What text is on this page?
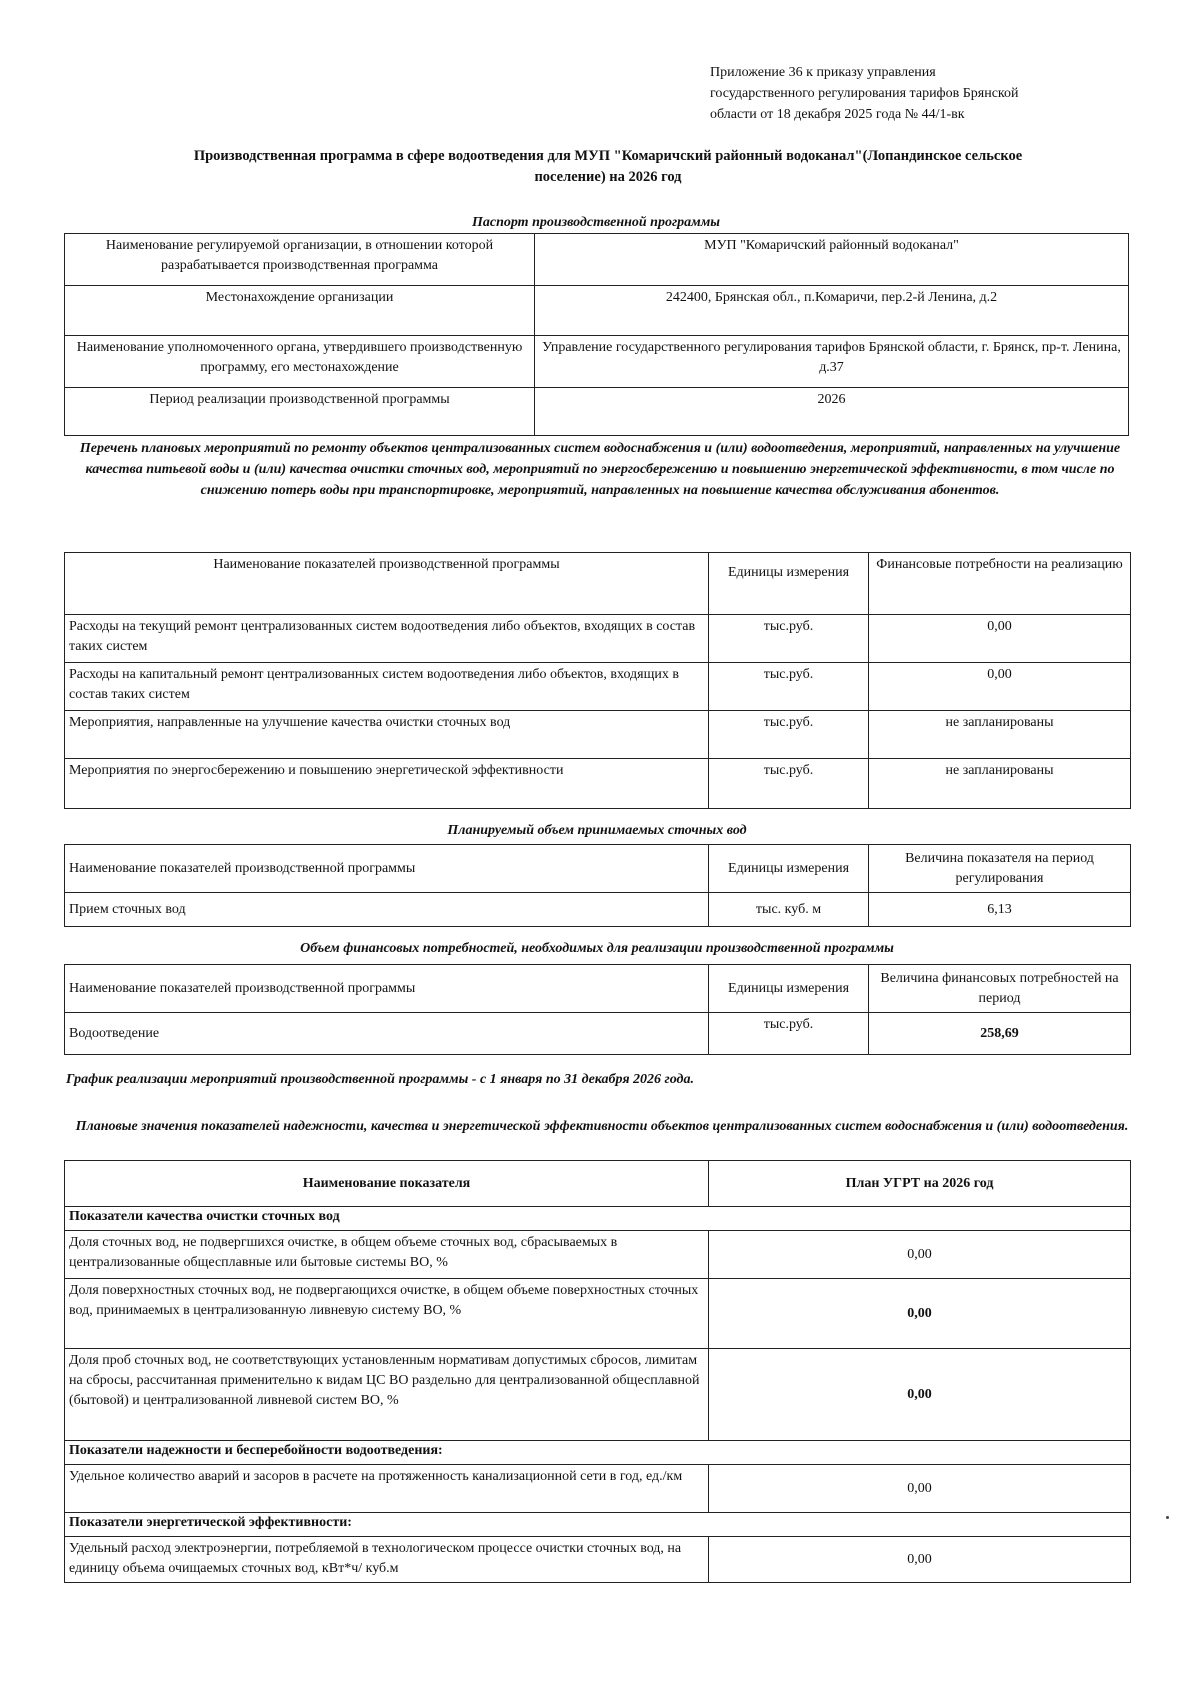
Приложение 36 к приказу управления
государственного регулирования тарифов Брянской
области от 18 декабря 2025 года № 44/1-вк
Производственная программа в сфере водоотведения для МУП "Комаричский районный водоканал"(Лопандинское сельское
поселение) на 2026 год
Паспорт производственной программы
Наименование регулируемой организации, в отношении которой разрабатывается производственная программа	МУП "Комаричский районный водоканал"
Местонахождение организации	242400, Брянская обл., п.Комаричи, пер.2-й Ленина, д.2
Наименование уполномоченного органа, утвердившего производственную программу, его местонахождение	Управление государственного регулирования тарифов Брянской области, г. Брянск, пр-т. Ленина, д.37
Период реализации производственной программы	2026
Перечень плановых мероприятий по ремонту объектов централизованных систем водоснабжения и (или) водоотведения, мероприятий, направленных на улучшение качества питьевой воды и (или) качества очистки сточных вод, мероприятий по энергосбережению и повышению энергетической эффективности, в том числе по снижению потерь воды при транспортировке, мероприятий, направленных на повышение качества обслуживания абонентов.
Наименование показателей производственной программы	Единицы измерения	Финансовые потребности на реализацию
Расходы на текущий ремонт централизованных систем водоотведения либо объектов, входящих в состав таких систем	тыс.руб.	0,00
Расходы на капитальный ремонт централизованных систем водоотведения либо объектов, входящих в состав таких систем	тыс.руб.	0,00
Мероприятия, направленные на улучшение качества очистки сточных вод	тыс.руб.	не запланированы
Мероприятия по энергосбережению и повышению энергетической эффективности	тыс.руб.	не запланированы
Планируемый объем принимаемых сточных вод
Наименование показателей производственной программы	Единицы измерения	Величина показателя на период регулирования
Прием сточных вод	тыс. куб. м	6,13
Объем финансовых потребностей, необходимых для реализации производственной программы
Наименование показателей производственной программы	Единицы измерения	Величина финансовых потребностей на период
Водоотведение	тыс.руб.	258,69
График реализации мероприятий производственной программы - с 1 января по 31 декабря 2026 года.
Плановые значения показателей надежности, качества и энергетической эффективности объектов централизованных систем водоснабжения и (или) водоотведения.
Наименование показателя	План УГРТ на 2026 год
Показатели качества очистки сточных вод	
Доля сточных вод, не подвергшихся очистке, в общем объеме сточных вод, сбрасываемых в централизованные общесплавные или бытовые системы ВО, %	0,00
Доля поверхностных сточных вод, не подвергающихся очистке, в общем объеме поверхностных сточных вод, принимаемых в централизованную ливневую систему ВО, %	0,00
Доля проб сточных вод, не соответствующих установленным нормативам допустимых сбросов, лимитам на сбросы, рассчитанная применительно к видам ЦС ВО раздельно для централизованной общесплавной (бытовой) и централизованной ливневой систем ВО, %	0,00
Показатели надежности и бесперебойности водоотведения:	
Удельное количество аварий и засоров в расчете на протяженность канализационной сети в год, ед./км	0,00
Показатели энергетической эффективности:	
Удельный расход электроэнергии, потребляемой в технологическом процессе очистки сточных вод, на единицу объема очищаемых сточных вод, кВт*ч/ куб.м	0,00
